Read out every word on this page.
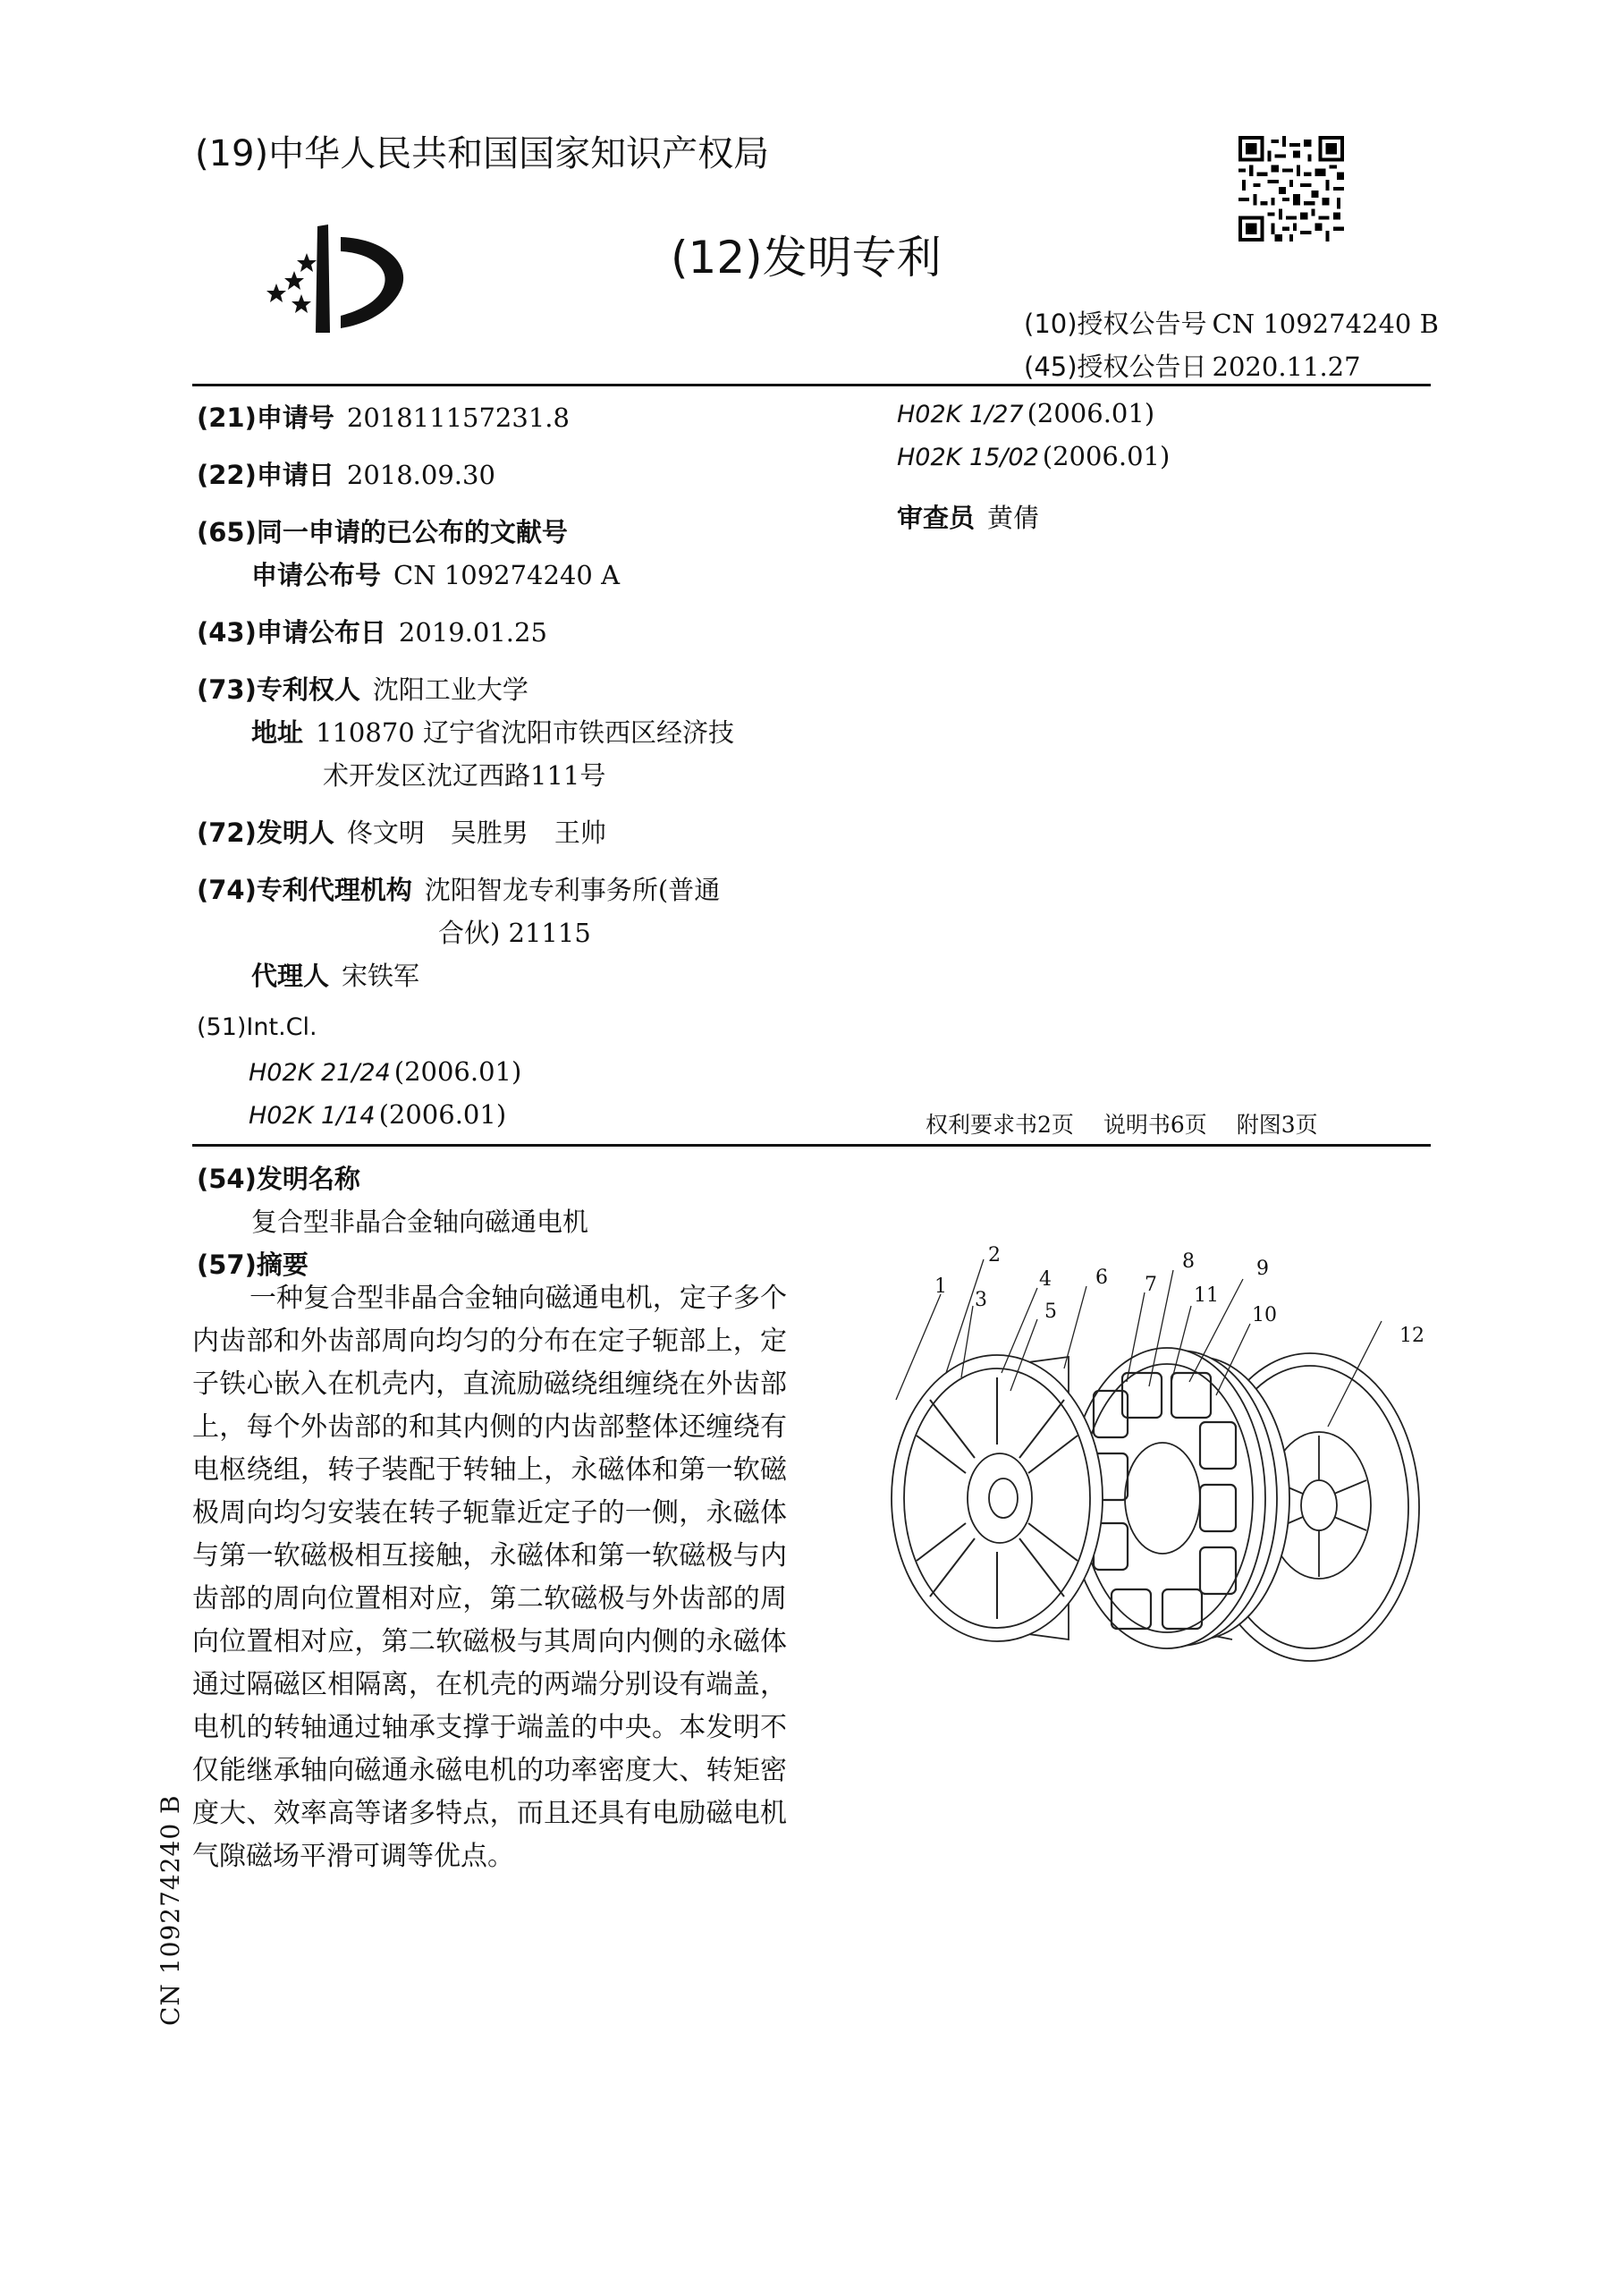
(19)中华人民共和国国家知识产权局
(12)发明专利
(10)授权公告号 CN 109274240 B
(45)授权公告日 2020.11.27
(21)申请号 201811157231.8
(22)申请日 2018.09.30
(65)同一申请的已公布的文献号
申请公布号 CN 109274240 A
(43)申请公布日 2019.01.25
(73)专利权人 沈阳工业大学
地址 110870 辽宁省沈阳市铁西区经济技
术开发区沈辽西路111号
(72)发明人 佟文明　吴胜男　王帅
(74)专利代理机构 沈阳智龙专利事务所(普通
合伙) 21115
代理人 宋铁军
(51)Int.Cl.
H02K 21/24 (2006.01)
H02K 1/14 (2006.01)
H02K 1/27 (2006.01)
H02K 15/02 (2006.01)
审查员 黄倩
权利要求书2页　 说明书6页　 附图3页
(54)发明名称
复合型非晶合金轴向磁通电机
(57)摘要
一种复合型非晶合金轴向磁通电机，定子多个内齿部和外齿部周向均匀的分布在定子轭部上，定子铁心嵌入在机壳内，直流励磁绕组缠绕在外齿部上，每个外齿部的和其内侧的内齿部整体还缠绕有电枢绕组，转子装配于转轴上，永磁体和第一软磁极周向均匀安装在转子轭靠近定子的一侧，永磁体与第一软磁极相互接触，永磁体和第一软磁极与内齿部的周向位置相对应，第二软磁极与外齿部的周向位置相对应，第二软磁极与其周向内侧的永磁体通过隔磁区相隔离，在机壳的两端分别设有端盖，电机的转轴通过轴承支撑于端盖的中央。本发明不仅能继承轴向磁通永磁电机的功率密度大、转矩密度大、效率高等诸多特点，而且还具有电励磁电机气隙磁场平滑可调等优点。
1
2
3
4
5
6 7
8
11
9
10
12
CN 109274240 B
